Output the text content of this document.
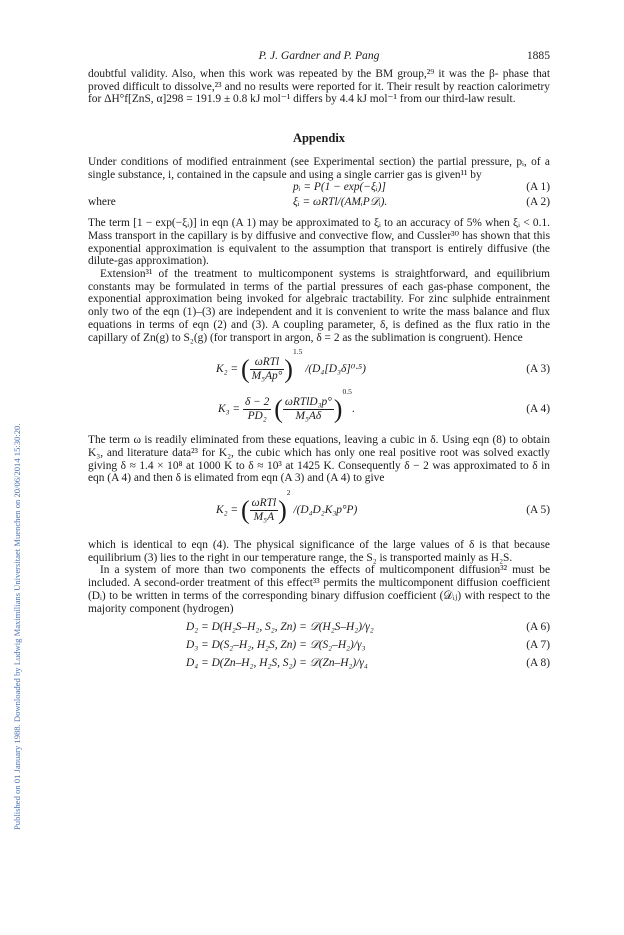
Published on 01 January 1988. Downloaded by Ludwig Maximilians Universitaet Muenchen on 20/06/2014 15:30:20.
P. J. Gardner and P. Pang	1885

doubtful validity. Also, when this work was repeated by the BM group,²⁹ it was the β- phase that proved difficult to dissolve,²³ and no results were reported for it. Their result by reaction calorimetry for ΔH°f[ZnS, α]298 = 191.9 ± 0.8 kJ mol⁻¹ differs by 4.4 kJ mol⁻¹ from our third-law result.

Appendix

Under conditions of modified entrainment (see Experimental section) the partial pressure, pᵢ, of a single substance, i, contained in the capsule and using a single carrier gas is given¹¹ by

pᵢ = P(1 − exp(−ξᵢ)]	(A 1)
where	ξᵢ = ωRTl/(AMᵢP𝒟ᵢ).	(A 2)

The term [1 − exp(−ξᵢ)] in eqn (A 1) may be approximated to ξᵢ to an accuracy of 5% when ξᵢ < 0.1. Mass transport in the capillary is by diffusive and convective flow, and Cussler³⁰ has shown that this exponential approximation is equivalent to the assumption that transport is entirely diffusive (the dilute-gas approximation).

Extension³¹ of the treatment to multicomponent systems is straightforward, and equilibrium constants may be formulated in terms of the partial pressures of each gas-phase component, the exponential approximation being invoked for algebraic tractability. For zinc sulphide entrainment only two of the eqn (1)–(3) are independent and it is convenient to write the mass balance and flux equations in terms of eqn (2) and (3). A coupling parameter, δ, is defined as the flux ratio in the capillary of Zn(g) to S₂(g) (for transport in argon, δ = 2 as the sublimation is congruent). Hence

K₂ = ( $\frac{\text{ωRTl}}{\text{M₅Ap°}} )^{1.5}$ /(D₄[D₃δ]⁰·⁵)	(A 3)
$K_3 = \frac{\delta - 2}{\text{PD₂}}$ ( $\frac{\text{ωRTlD₃p°}}{\text{M₅Aδ}} )^{0.5}$.	(A 4)

The term ω is readily eliminated from these equations, leaving a cubic in δ. Using eqn (8) to obtain K₃, and literature data²³ for K₂, the cubic which has only one real positive root was solved exactly giving δ ≈ 1.4 × 10⁸ at 1000 K to δ ≈ 10³ at 1425 K. Consequently δ − 2 was approximated to δ in eqn (A 4) and then δ is elimated from eqn (A 3) and (A 4) to give

K₂ = ( $\frac{\text{ωRTl}}{\text{M₅A}} )^2$ /(D₄D₂K₃p°P)	(A 5)

which is identical to eqn (4). The physical significance of the large values of δ is that because equilibrium (3) lies to the right in our temperature range, the S₂ is transported mainly as H₂S.

In a system of more than two components the effects of multicomponent diffusion³² must be included. A second-order treatment of this effect³³ permits the multicomponent diffusion coefficient (Dᵢ) to be written in terms of the corresponding binary diffusion coefficient (𝒟ᵢⱼ) with respect to the majority component (hydrogen)

D₂ = D(H₂S–H₂, S₂, Zn) = 𝒟(H₂S–H₂)/γ₂	(A 6)
D₃ = D(S₂–H₂, H₂S, Zn) = 𝒟(S₂–H₂)/γ₃	(A 7)
D₄ = D(Zn–H₂, H₂S, S₂) = 𝒟(Zn–H₂)/γ₄	(A 8)
